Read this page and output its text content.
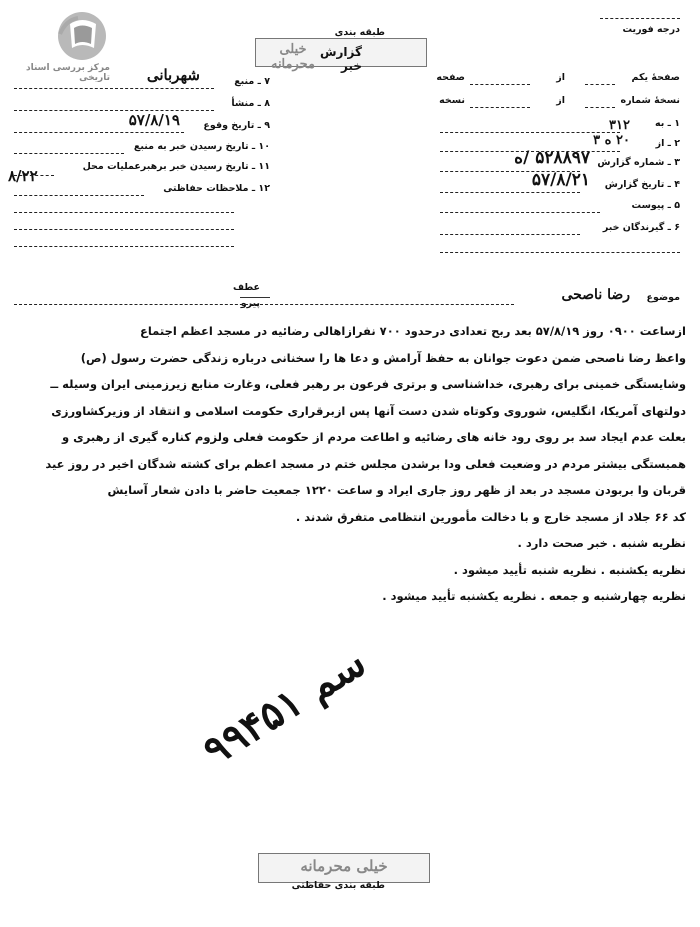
مرکز بررسی اسناد تاریخی
طبقه بندی
خیلی محرمانه
گزارش خبر
درجه فوریت
۷ ـ منبع
شهربانی
۸ ـ منشأ
۹ ـ تاریخ وقوع
۵۷/۸/۱۹
۱۰ ـ تاریخ رسیدن خبر به منبع
۱۱ ـ تاریخ رسیدن خبر برهبرعملیات محل
۸/۲۲
۱۲ ـ ملاحظات حفاظتی
صفحهٔ یکم
از
صفحه
نسخهٔ شماره
از
نسخه
۱ ـ به
۳۱۲
۲ ـ از
۲۰ ه ۳
۳ ـ شماره گزارش
۵۲۸۸۹۷ /ه
۴ ـ تاریخ گزارش
۵۷/۸/۲۱
۵ ـ پیوست
۶ ـ گیرندگان خبر
عطف
پیرو
موضوع
رضا ناصحی
ازساعت ۰۹۰۰ روز ۵۷/۸/۱۹ بعد ربح تعدادی درحدود ۷۰۰ نفرازاهالی رضائیه در مسجد اعظم اجتماع
واعظ رضا ناصحی ضمن دعوت جوانان به حفظ آرامش و دعا ها را سخنانی درباره زندگی حضرت رسول (ص)
وشایستگی خمینی برای رهبری، خداشناسی و برتری فرعون بر رهبر فعلی، وغارت منابع زیرزمینی ایران وسیله ــ
دولتهای آمریکا، انگلیس، شوروی وکوتاه شدن دست آنها پس ازبرقراری حکومت اسلامی و انتقاد از وزیرکشاورزی
بعلت عدم ایجاد سد بر روی رود خانه های رضائیه و اطاعت مردم از حکومت فعلی ولزوم کناره گیری از رهبری و
همبستگی بیشتر مردم در وضعیت فعلی ودا برشدن مجلس ختم در مسجد اعظم برای کشته شدگان اخیر در روز عید
قربان وا بربودن مسجد در بعد از ظهر روز جاری ایراد و ساعت ۱۲۲۰ جمعیت حاضر با دادن شعار آسایش
کد ۶۶ جلاد از مسجد خارج و با دخالت مأمورین انتظامی متفرق شدند .
نظریه شنبه . خبر صحت دارد .
نظریه یکشنبه . نظریه شنبه تأیید میشود .
نظریه چهارشنبه و جمعه . نظریه یکشنبه تأیید میشود .
۹۹۴۵۱ سم
خیلی محرمانه
طبقه بندی حفاظتی
